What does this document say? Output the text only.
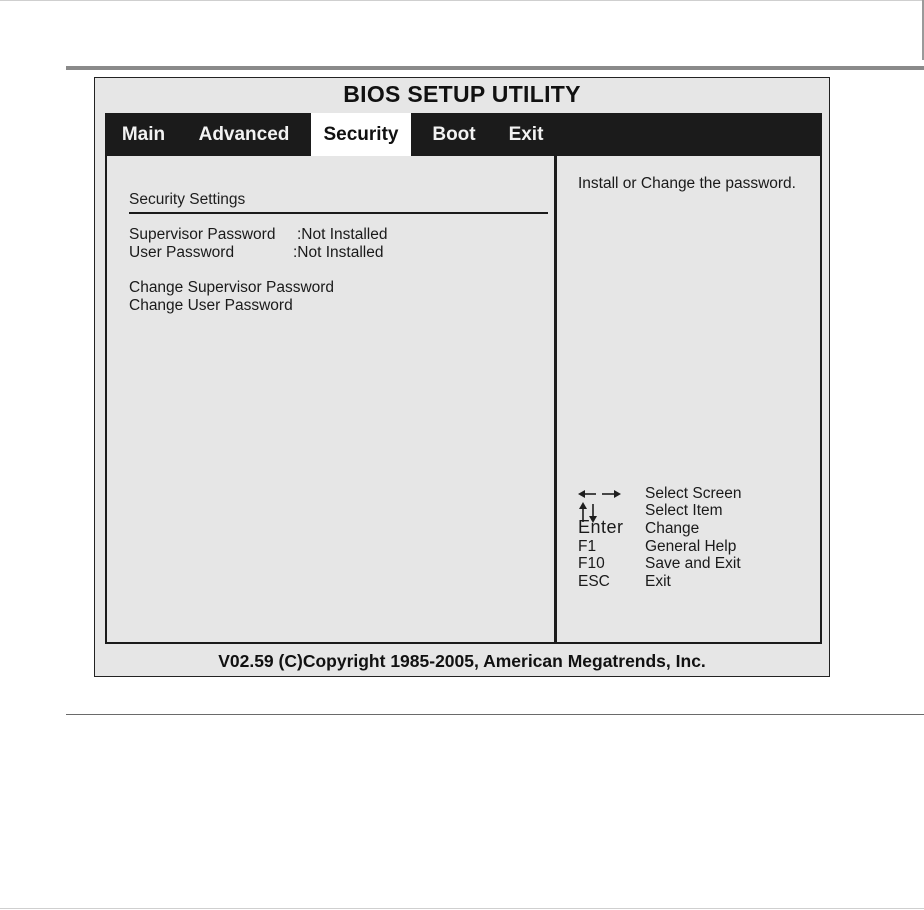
BIOS SETUP UTILITY
Main	Advanced	Security	Boot	Exit
Security Settings
Supervisor Password :Not Installed
User Password	:Not Installed
Change Supervisor Password
Change User Password
Install or Change the password.
Select Screen
Select Item
Enter Change
F1	General Help
F10	Save and Exit
ESC Exit
V02.59 (C)Copyright 1985-2005, American Megatrends, Inc.
